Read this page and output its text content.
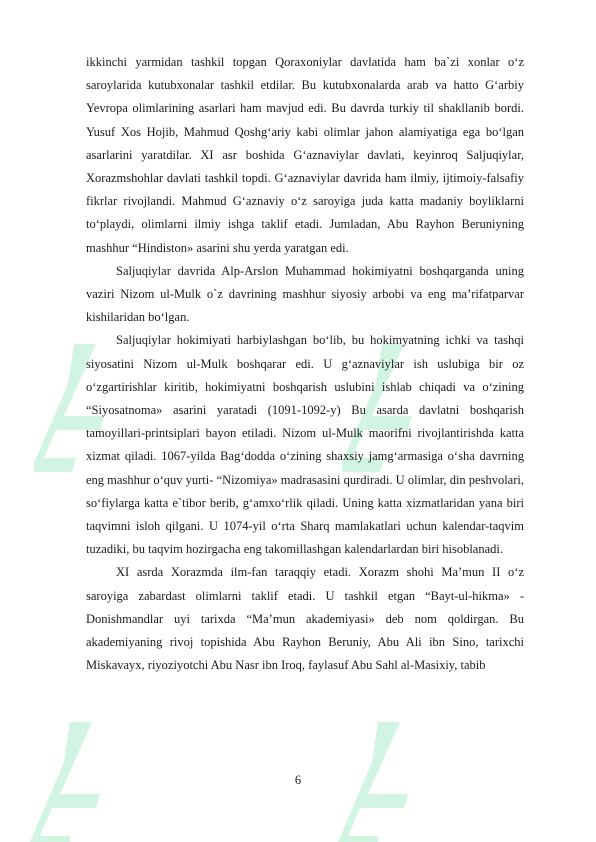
ikkinchi yarmidan tashkil topgan Qoraxoniylar davlatida ham ba`zi xonlar o‘z saroylarida kutubxonalar tashkil etdilar. Bu kutubxonalarda arab va hatto G‘arbiy Yevropa olimlarining asarlari ham mavjud edi. Bu davrda turkiy til shakllanib bordi. Yusuf Xos Hojib, Mahmud Qoshg‘ariy kabi olimlar jahon alamiyatiga ega bo‘lgan asarlarini yaratdilar. XI asr boshida G‘aznaviylar davlati, keyinroq Saljuqiylar, Xorazmshohlar davlati tashkil topdi. G‘aznaviylar davrida ham ilmiy, ijtimoiy-falsafiy fikrlar rivojlandi. Mahmud G‘aznaviy o‘z saroyiga juda katta madaniy boyliklarni to‘playdi, olimlarni ilmiy ishga taklif etadi. Jumladan, Abu Rayhon Beruniyning mashhur “Hindiston» asarini shu yerda yaratgan edi.

Saljuqiylar davrida Alp-Arslon Muhammad hokimiyatni boshqarganda uning vaziri Nizom ul-Mulk o`z davrining mashhur siyosiy arbobi va eng ma’rifatparvar kishilaridan bo‘lgan.

Saljuqiylar hokimiyati harbiylashgan bo‘lib, bu hokimyatning ichki va tashqi siyosatini Nizom ul-Mulk boshqarar edi. U g‘aznaviylar ish uslubiga bir oz o‘zgartirishlar kiritib, hokimiyatni boshqarish uslubini ishlab chiqadi va o‘zining “Siyosatnoma» asarini yaratadi (1091-1092-y) Bu asarda davlatni boshqarish tamoyillari-printsiplari bayon etiladi. Nizom ul-Mulk maorifni rivojlantirishda katta xizmat qiladi. 1067-yilda Bag‘dodda o‘zining shaxsiy jamg‘armasiga o‘sha davrning eng mashhur o‘quv yurti- “Nizomiya» madrasasini qurdiradi. U olimlar, din peshvolari, so‘fiylarga katta e`tibor berib, g‘amxo‘rlik qiladi. Uning katta xizmatlaridan yana biri taqvimni isloh qilgani. U 1074-yil o‘rta Sharq mamlakatlari uchun kalendar-taqvim tuzadiki, bu taqvim hozirgacha eng takomillashgan kalendarlardan biri hisoblanadi.

XI asrda Xorazmda ilm-fan taraqqiy etadi. Xorazm shohi Ma’mun II o‘z saroyiga zabardast olimlarni taklif etadi. U tashkil etgan “Bayt-ul-hikma» - Donishmandlar uyi tarixda “Ma’mun akademiyasi» deb nom qoldirgan. Bu akademiyaning rivoj topishida Abu Rayhon Beruniy, Abu Ali ibn Sino, tarixchi Miskavayx, riyoziyotchi Abu Nasr ibn Iroq, faylasuf Abu Sahl al-Masixiy, tabib

6
